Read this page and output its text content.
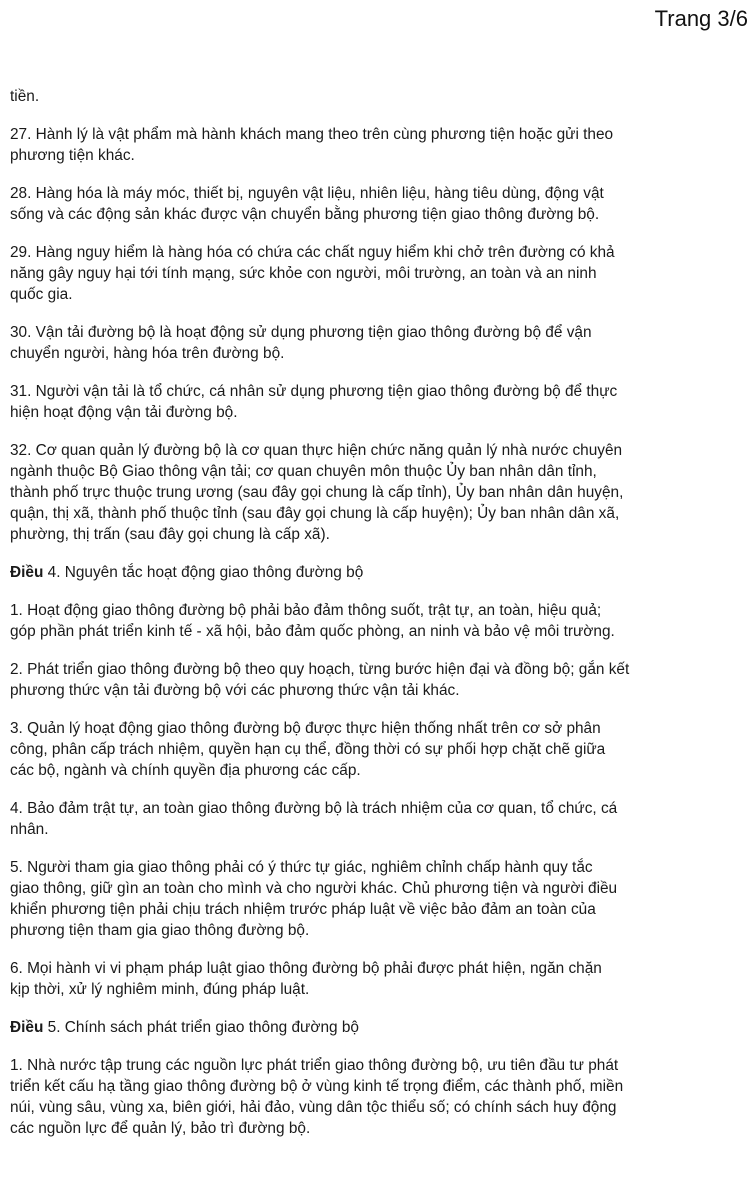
Trang 3/6
tiền.
27. Hành lý là vật phẩm mà hành khách mang theo trên cùng phương tiện hoặc gửi theo
phương tiện khác.
28. Hàng hóa là máy móc, thiết bị, nguyên vật liệu, nhiên liệu, hàng tiêu dùng, động vật
sống và các động sản khác được vận chuyển bằng phương tiện giao thông đường bộ.
29. Hàng nguy hiểm là hàng hóa có chứa các chất nguy hiểm khi chở trên đường có khả
năng gây nguy hại tới tính mạng, sức khỏe con người, môi trường, an toàn và an ninh
quốc gia.
30. Vận tải đường bộ là hoạt động sử dụng phương tiện giao thông đường bộ để vận
chuyển người, hàng hóa trên đường bộ.
31. Người vận tải là tổ chức, cá nhân sử dụng phương tiện giao thông đường bộ để thực
hiện hoạt động vận tải đường bộ.
32. Cơ quan quản lý đường bộ là cơ quan thực hiện chức năng quản lý nhà nước chuyên
ngành thuộc Bộ Giao thông vận tải; cơ quan chuyên môn thuộc Ủy ban nhân dân tỉnh,
thành phố trực thuộc trung ương (sau đây gọi chung là cấp tỉnh), Ủy ban nhân dân huyện,
quận, thị xã, thành phố thuộc tỉnh (sau đây gọi chung là cấp huyện); Ủy ban nhân dân xã,
phường, thị trấn (sau đây gọi chung là cấp xã).
Điều 4. Nguyên tắc hoạt động giao thông đường bộ
1. Hoạt động giao thông đường bộ phải bảo đảm thông suốt, trật tự, an toàn, hiệu quả;
góp phần phát triển kinh tế - xã hội, bảo đảm quốc phòng, an ninh và bảo vệ môi trường.
2. Phát triển giao thông đường bộ theo quy hoạch, từng bước hiện đại và đồng bộ; gắn kết
phương thức vận tải đường bộ với các phương thức vận tải khác.
3. Quản lý hoạt động giao thông đường bộ được thực hiện thống nhất trên cơ sở phân
công, phân cấp trách nhiệm, quyền hạn cụ thể, đồng thời có sự phối hợp chặt chẽ giữa
các bộ, ngành và chính quyền địa phương các cấp.
4. Bảo đảm trật tự, an toàn giao thông đường bộ là trách nhiệm của cơ quan, tổ chức, cá
nhân.
5. Người tham gia giao thông phải có ý thức tự giác, nghiêm chỉnh chấp hành quy tắc
giao thông, giữ gìn an toàn cho mình và cho người khác. Chủ phương tiện và người điều
khiển phương tiện phải chịu trách nhiệm trước pháp luật về việc bảo đảm an toàn của
phương tiện tham gia giao thông đường bộ.
6. Mọi hành vi vi phạm pháp luật giao thông đường bộ phải được phát hiện, ngăn chặn
kịp thời, xử lý nghiêm minh, đúng pháp luật.
Điều 5. Chính sách phát triển giao thông đường bộ
1. Nhà nước tập trung các nguồn lực phát triển giao thông đường bộ, ưu tiên đầu tư phát
triển kết cấu hạ tầng giao thông đường bộ ở vùng kinh tế trọng điểm, các thành phố, miền
núi, vùng sâu, vùng xa, biên giới, hải đảo, vùng dân tộc thiểu số; có chính sách huy động
các nguồn lực để quản lý, bảo trì đường bộ.
